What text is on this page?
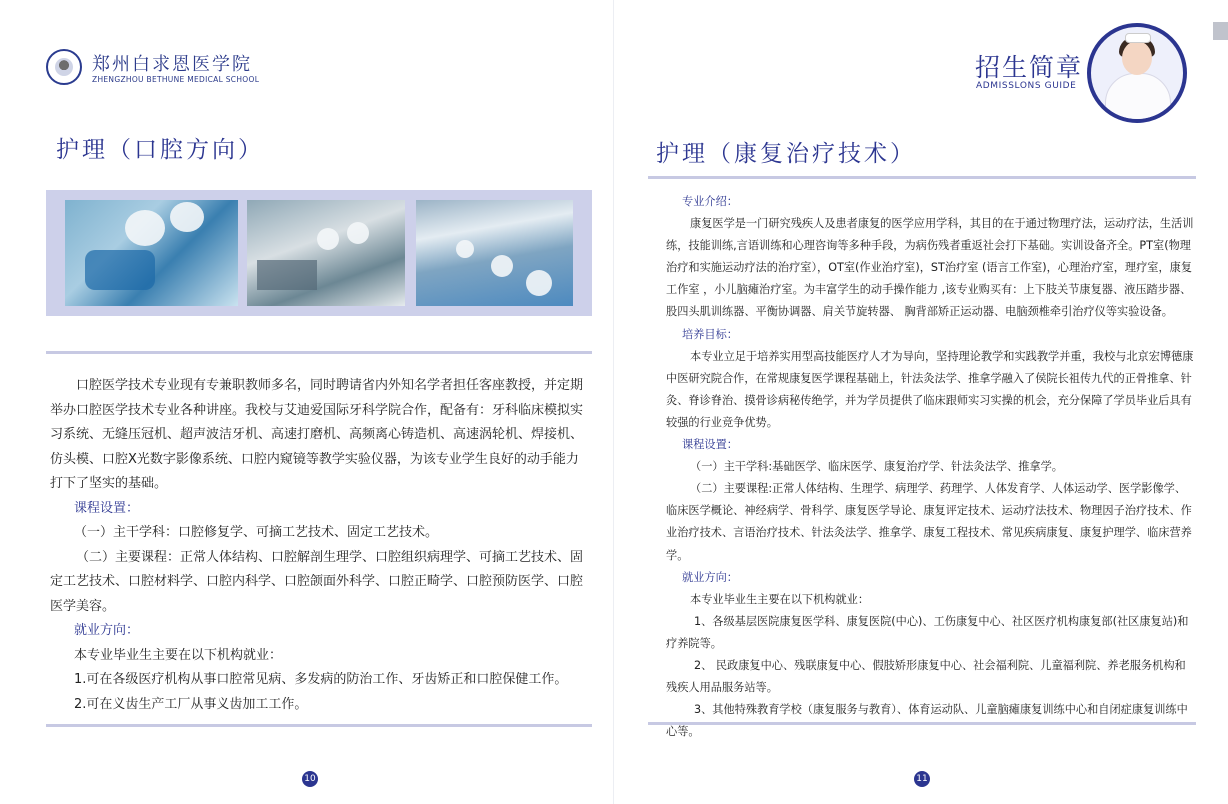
郑州白求恩医学院
ZHENGZHOU BETHUNE MEDICAL SCHOOL
护理（口腔方向）

口腔医学技术专业现有专兼职教师多名，同时聘请省内外知名学者担任客座教授，并定期举办口腔医学技术专业各种讲座。我校与艾迪爱国际牙科学院合作，配备有：牙科临床模拟实习系统、无缝压冠机、超声波洁牙机、高速打磨机、高频离心铸造机、高速涡轮机、焊接机、仿头模、口腔X光数字影像系统、口腔内窥镜等教学实验仪器，为该专业学生良好的动手能力打下了坚实的基础。

课程设置：

（一）主干学科：口腔修复学、可摘工艺技术、固定工艺技术。

（二）主要课程：正常人体结构、口腔解剖生理学、口腔组织病理学、可摘工艺技术、固定工艺技术、口腔材料学、口腔内科学、口腔颌面外科学、口腔正畸学、口腔预防医学、口腔医学美容。

就业方向：

本专业毕业生主要在以下机构就业：

1.可在各级医疗机构从事口腔常见病、多发病的防治工作、牙齿矫正和口腔保健工作。

2.可在义齿生产工厂从事义齿加工工作。

10
招生简章
ADMISSLONS GUIDE
护理（康复治疗技术）

专业介绍：

康复医学是一门研究残疾人及患者康复的医学应用学科，其目的在于通过物理疗法，运动疗法，生活训练，技能训练,言语训练和心理咨询等多种手段，为病伤残者重返社会打下基础。实训设备齐全。PT室(物理治疗和实施运动疗法的治疗室），OT室(作业治疗室)，ST治疗室 (语言工作室)，心理治疗室，理疗室，康复工作室 ，小儿脑瘫治疗室。为丰富学生的动手操作能力 ,该专业购买有：上下肢关节康复器、液压踏步器、股四头肌训练器、平衡协调器、肩关节旋转器、 胸背部矫正运动器、电脑颈椎牵引治疗仪等实验设备。

培养目标：

本专业立足于培养实用型高技能医疗人才为导向，坚持理论教学和实践教学并重，我校与北京宏博德康中医研究院合作，在常规康复医学课程基础上，针法灸法学、推拿学融入了侯院长祖传九代的正骨推拿、针灸、脊诊脊治、摸骨诊病秘传绝学，并为学员提供了临床跟师实习实操的机会，充分保障了学员毕业后具有较强的行业竞争优势。

课程设置：

（一）主干学科:基础医学、临床医学、康复治疗学、针法灸法学、推拿学。

（二）主要课程:正常人体结构、生理学、病理学、药理学、人体发育学、人体运动学、医学影像学、临床医学概论、神经病学、骨科学、康复医学导论、康复评定技术、运动疗法技术、物理因子治疗技术、作业治疗技术、言语治疗技术、针法灸法学、推拿学、康复工程技术、常见疾病康复、康复护理学、临床营养学。

就业方向：

本专业毕业生主要在以下机构就业：

1、各级基层医院康复医学科、康复医院(中心)、工伤康复中心、社区医疗机构康复部(社区康复站)和疗养院等。

2、 民政康复中心、残联康复中心、假肢矫形康复中心、社会福利院、儿童福利院、养老服务机构和残疾人用品服务站等。

3、其他特殊教育学校（康复服务与教育）、体育运动队、儿童脑瘫康复训练中心和自闭症康复训练中心等。

11
